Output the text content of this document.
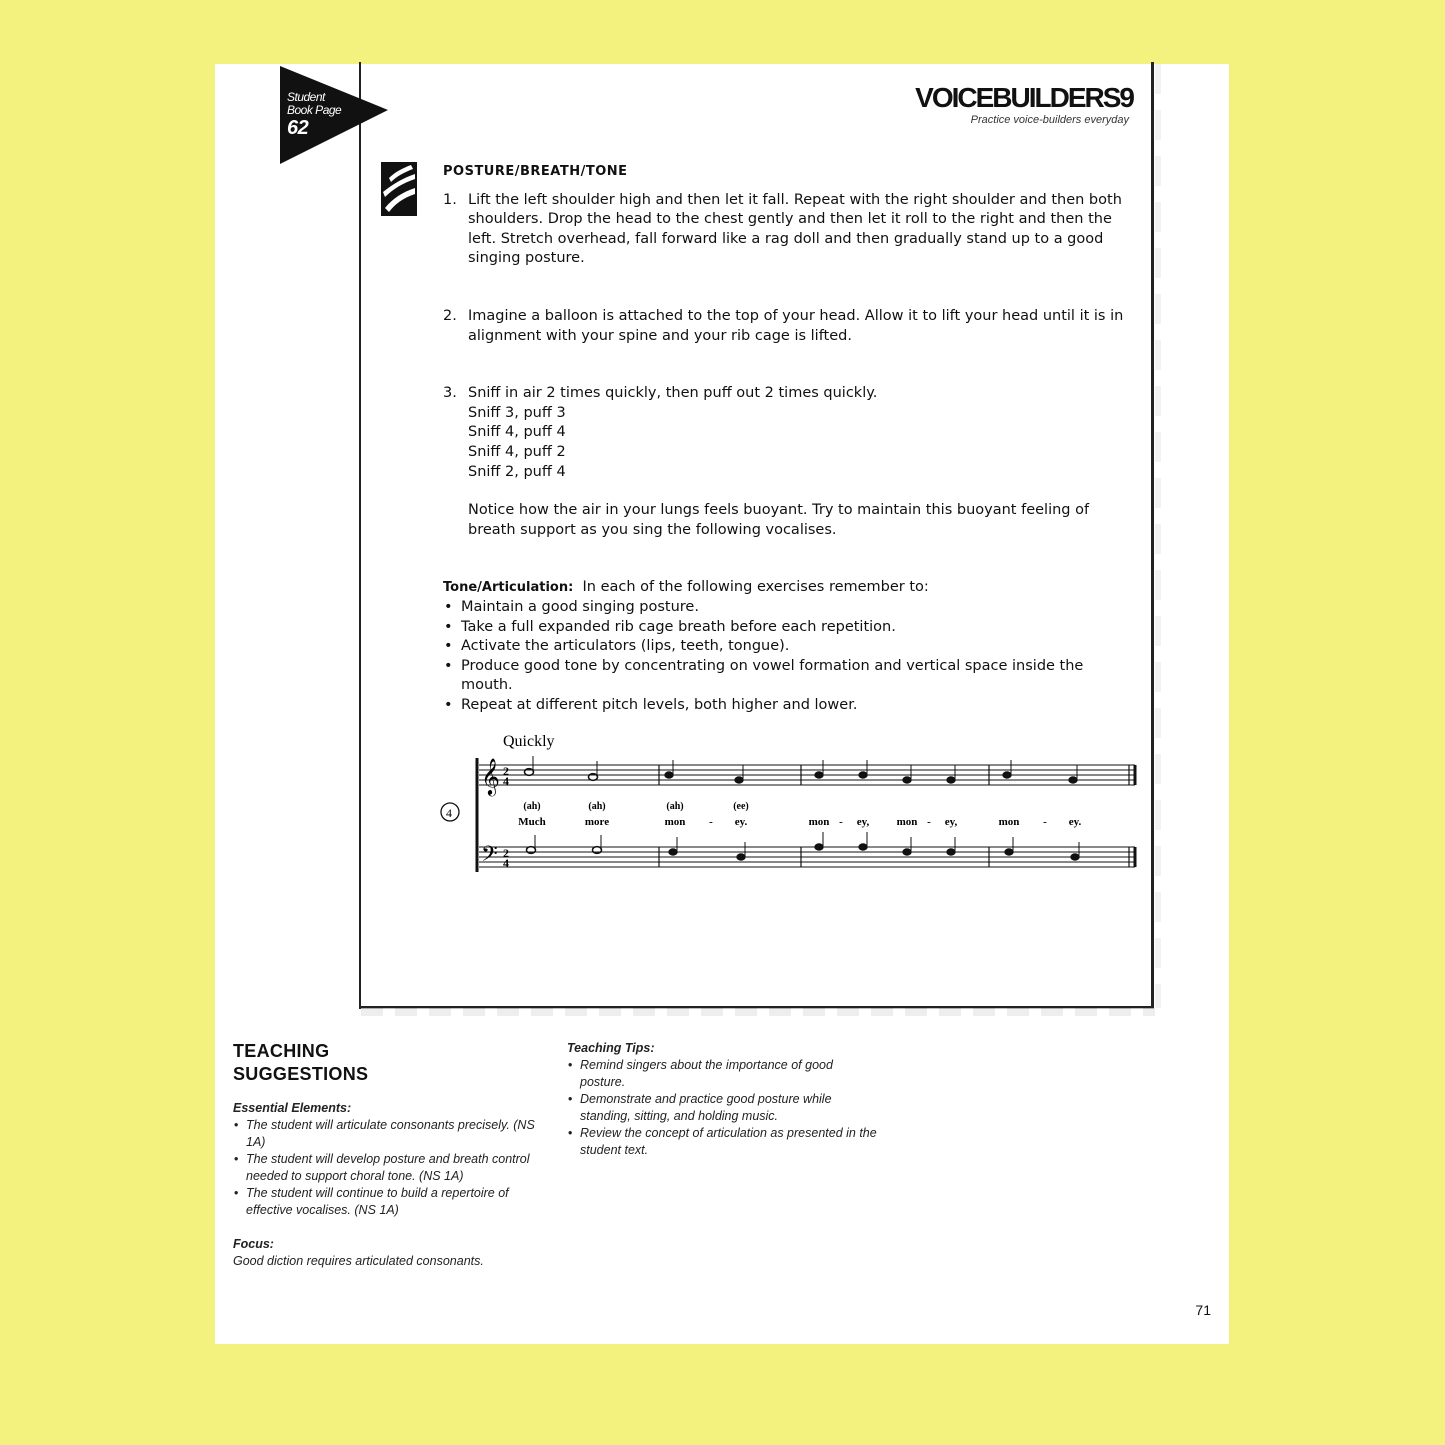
Student
Book Page
62
VOICEBUILDERS9
Practice voice-builders everyday
POSTURE/BREATH/TONE
1. Lift the left shoulder high and then let it fall. Repeat with the right shoulder and then both shoulders. Drop the head to the chest gently and then let it roll to the right and then the left. Stretch overhead, fall forward like a rag doll and then gradually stand up to a good singing posture.

2. Imagine a balloon is attached to the top of your head. Allow it to lift your head until it is in alignment with your spine and your rib cage is lifted.

3. Sniff in air 2 times quickly, then puff out 2 times quickly.

Sniff 3, puff 3

Sniff 4, puff 4

Sniff 4, puff 2

Sniff 2, puff 4

Notice how the air in your lungs feels buoyant. Try to maintain this buoyant feeling of breath support as you sing the following vocalises.

Tone/Articulation: In each of the following exercises remember to:
• Maintain a good singing posture.
• Take a full expanded rib cage breath before each repetition.
• Activate the articulators (lips, teeth, tongue).
• Produce good tone by concentrating on vowel formation and vertical space inside the mouth.
• Repeat at different pitch levels, both higher and lower.
Quickly
𝄞
𝄢
2
4
2
4
4	(ah)	(ah)	(ah)	(ee)
Much	more	mon - ey.	mon - ey, mon - ey,	mon - ey.
TEACHING
SUGGESTIONS
Essential Elements:
• The student will articulate consonants precisely. (NS 1A)
• The student will develop posture and breath control needed to support choral tone. (NS 1A)
• The student will continue to build a repertoire of effective vocalises. (NS 1A)
Focus:
Good diction requires articulated consonants.
Teaching Tips:
• Remind singers about the importance of good posture.
• Demonstrate and practice good posture while standing, sitting, and holding music.
• Review the concept of articulation as presented in the student text.
71
